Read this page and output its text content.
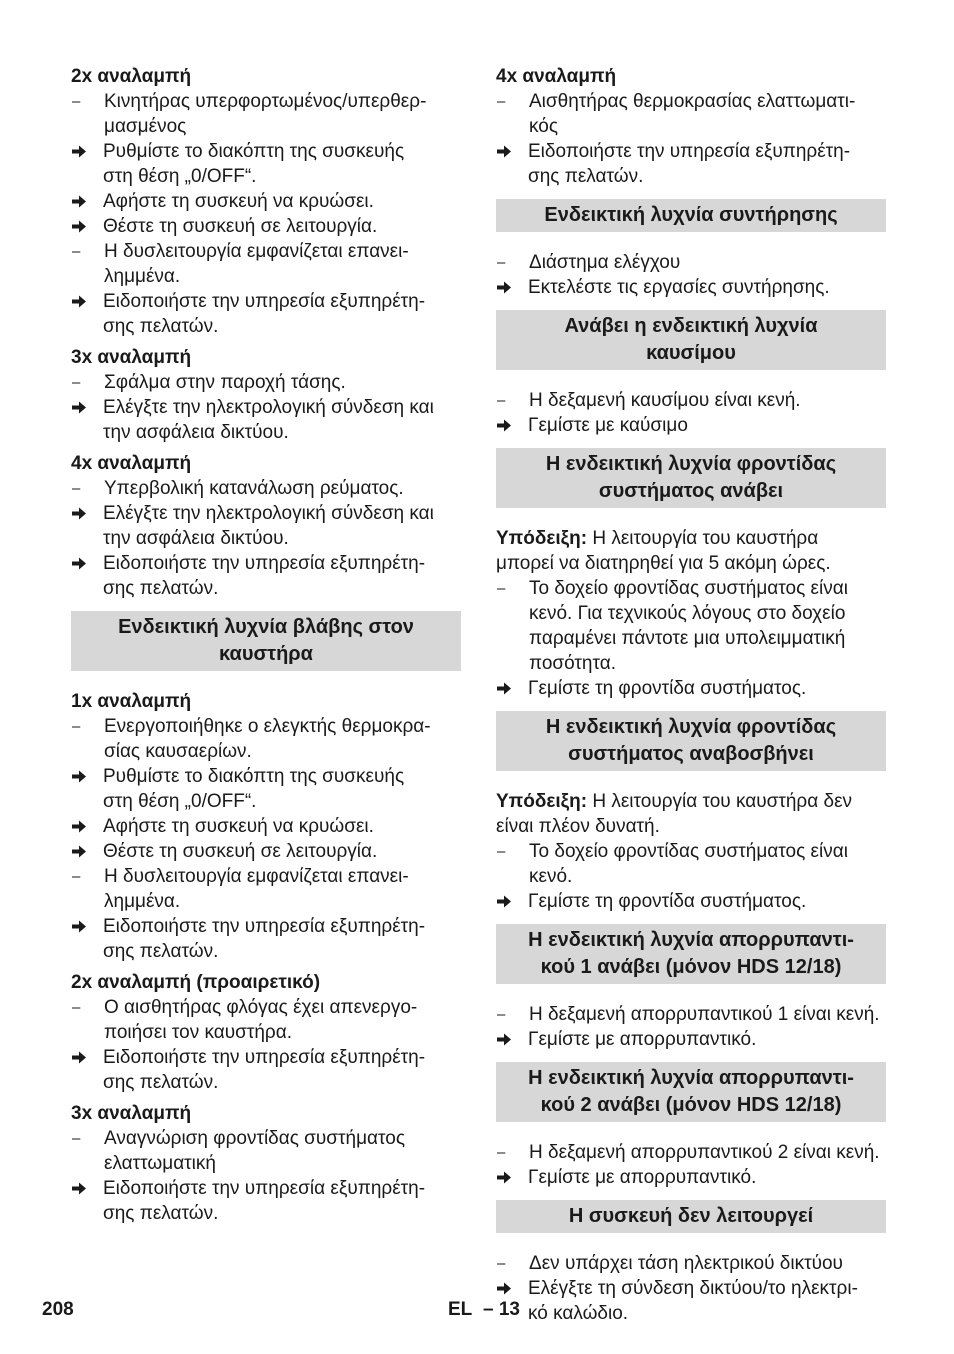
2x αναλαμπή
–	Κινητήρας υπερφορτωμένος/υπερθερ-
μασμένος
Ρυθμίστε το διακόπτη της συσκευής
στη θέση „0/OFF“.
Αφήστε τη συσκευή να κρυώσει.
Θέστε τη συσκευή σε λειτουργία.
–	Η δυσλειτουργία εμφανίζεται επανει-
λημμένα.
Ειδοποιήστε την υπηρεσία εξυπηρέτη-
σης πελατών.
3x αναλαμπή
–	Σφάλμα στην παροχή τάσης.
Ελέγξτε την ηλεκτρολογική σύνδεση και
την ασφάλεια δικτύου.
4x αναλαμπή
–	Υπερβολική κατανάλωση ρεύματος.
Ελέγξτε την ηλεκτρολογική σύνδεση και
την ασφάλεια δικτύου.
Ειδοποιήστε την υπηρεσία εξυπηρέτη-
σης πελατών.
Ενδεικτική λυχνία βλάβης στον
καυστήρα
1x αναλαμπή
–	Ενεργοποιήθηκε ο ελεγκτής θερμοκρα-
σίας καυσαερίων.
Ρυθμίστε το διακόπτη της συσκευής
στη θέση „0/OFF“.
Αφήστε τη συσκευή να κρυώσει.
Θέστε τη συσκευή σε λειτουργία.
–	Η δυσλειτουργία εμφανίζεται επανει-
λημμένα.
Ειδοποιήστε την υπηρεσία εξυπηρέτη-
σης πελατών.
2x αναλαμπή (προαιρετικό)
–	Ο αισθητήρας φλόγας έχει απενεργο-
ποιήσει τον καυστήρα.
Ειδοποιήστε την υπηρεσία εξυπηρέτη-
σης πελατών.
3x αναλαμπή
–	Αναγνώριση φροντίδας συστήματος
ελαττωματική
Ειδοποιήστε την υπηρεσία εξυπηρέτη-
σης πελατών.
4x αναλαμπή
–	Αισθητήρας θερμοκρασίας ελαττωματι-
κός
Ειδοποιήστε την υπηρεσία εξυπηρέτη-
σης πελατών.
Ενδεικτική λυχνία συντήρησης
–	Διάστημα ελέγχου
Εκτελέστε τις εργασίες συντήρησης.
Ανάβει η ενδεικτική λυχνία
καυσίμου
–	Η δεξαμενή καυσίμου είναι κενή.
Γεμίστε με καύσιμο
Η ενδεικτική λυχνία φροντίδας
συστήματος ανάβει
Υπόδειξη: Η λειτουργία του καυστήρα
μπορεί να διατηρηθεί για 5 ακόμη ώρες.
–	Το δοχείο φροντίδας συστήματος είναι
κενό. Για τεχνικούς λόγους στο δοχείο
παραμένει πάντοτε μια υπολειμματική
ποσότητα.
Γεμίστε τη φροντίδα συστήματος.
Η ενδεικτική λυχνία φροντίδας
συστήματος αναβοσβήνει
Υπόδειξη: Η λειτουργία του καυστήρα δεν
είναι πλέον δυνατή.
–	Το δοχείο φροντίδας συστήματος είναι
κενό.
Γεμίστε τη φροντίδα συστήματος.
Η ενδεικτική λυχνία απορρυπαντι-
κού 1 ανάβει (μόνον HDS 12/18)
–	Η δεξαμενή απορρυπαντικού 1 είναι κενή.
Γεμίστε με απορρυπαντικό.
Η ενδεικτική λυχνία απορρυπαντι-
κού 2 ανάβει (μόνον HDS 12/18)
–	Η δεξαμενή απορρυπαντικού 2 είναι κενή.
Γεμίστε με απορρυπαντικό.
Η συσκευή δεν λειτουργεί
–	Δεν υπάρχει τάση ηλεκτρικού δικτύου
Ελέγξτε τη σύνδεση δικτύου/το ηλεκτρι-
κό καλώδιο.
208	EL – 13
